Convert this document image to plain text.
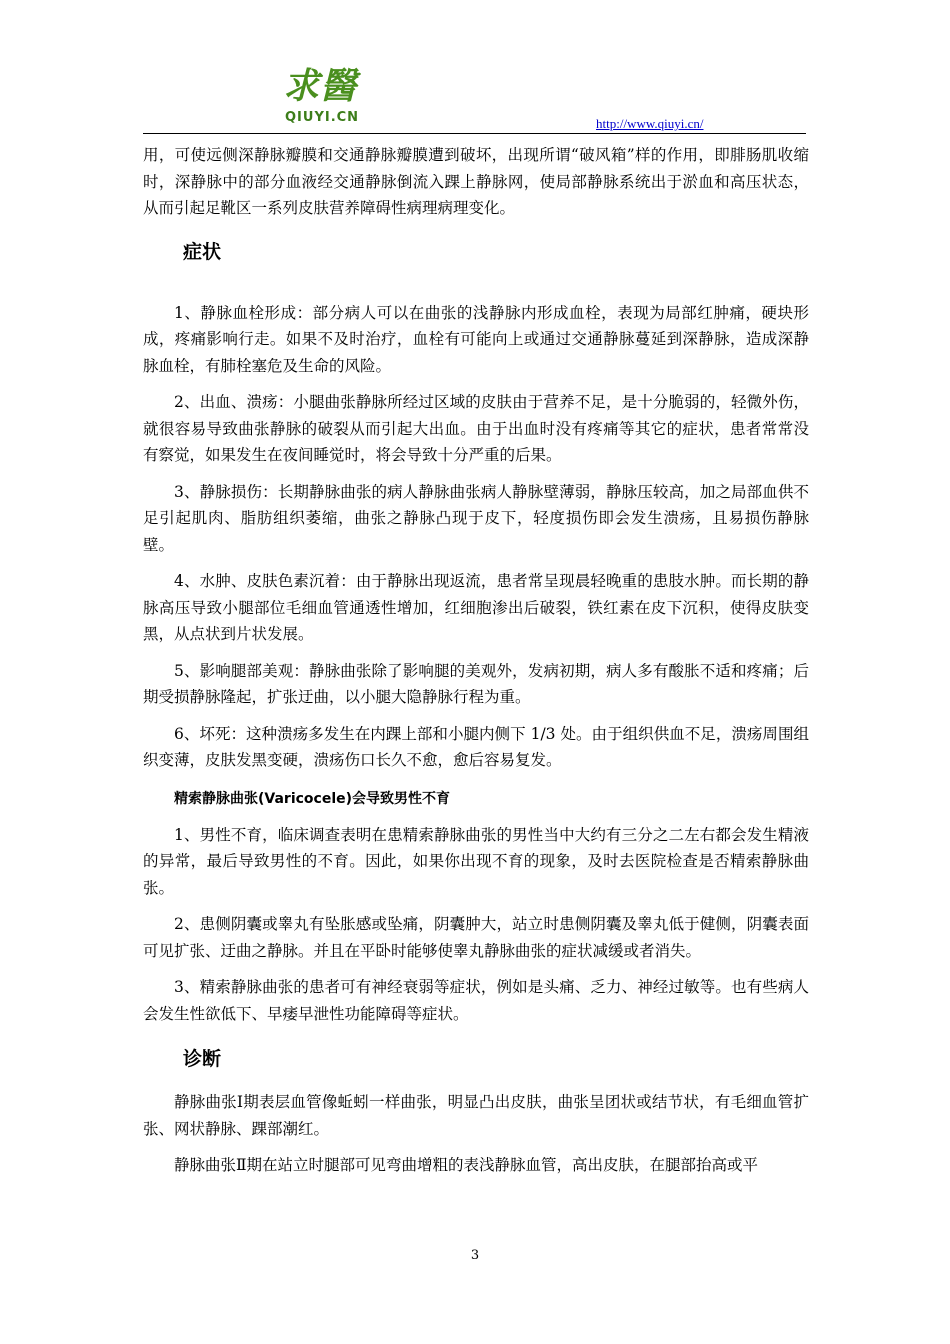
求醫
QIUYI.CN	http://www.qiuyi.cn/

用，可使远侧深静脉瓣膜和交通静脉瓣膜遭到破坏，出现所谓“破风箱”样的作用，即腓肠肌收缩时，深静脉中的部分血液经交通静脉倒流入踝上静脉网，使局部静脉系统出于淤血和高压状态，从而引起足靴区一系列皮肤营养障碍性病理病理变化。

症状

1、静脉血栓形成：部分病人可以在曲张的浅静脉内形成血栓，表现为局部红肿痛，硬块形成，疼痛影响行走。如果不及时治疗，血栓有可能向上或通过交通静脉蔓延到深静脉，造成深静脉血栓，有肺栓塞危及生命的风险。

2、出血、溃疡：小腿曲张静脉所经过区域的皮肤由于营养不足，是十分脆弱的，轻微外伤，就很容易导致曲张静脉的破裂从而引起大出血。由于出血时没有疼痛等其它的症状，患者常常没有察觉，如果发生在夜间睡觉时，将会导致十分严重的后果。

3、静脉损伤：长期静脉曲张的病人静脉曲张病人静脉壁薄弱，静脉压较高，加之局部血供不足引起肌肉、脂肪组织萎缩，曲张之静脉凸现于皮下，轻度损伤即会发生溃疡，且易损伤静脉壁。

4、水肿、皮肤色素沉着：由于静脉出现返流，患者常呈现晨轻晚重的患肢水肿。而长期的静脉高压导致小腿部位毛细血管通透性增加，红细胞渗出后破裂，铁红素在皮下沉积，使得皮肤变黑，从点状到片状发展。

5、影响腿部美观：静脉曲张除了影响腿的美观外，发病初期，病人多有酸胀不适和疼痛；后期受损静脉隆起，扩张迂曲，以小腿大隐静脉行程为重。

6、坏死：这种溃疡多发生在内踝上部和小腿内侧下 1/3 处。由于组织供血不足，溃疡周围组织变薄，皮肤发黑变硬，溃疡伤口长久不愈，愈后容易复发。

精索静脉曲张(Varicocele)会导致男性不育

1、男性不育，临床调查表明在患精索静脉曲张的男性当中大约有三分之二左右都会发生精液的异常，最后导致男性的不育。因此，如果你出现不育的现象，及时去医院检查是否精索静脉曲张。

2、患侧阴囊或睾丸有坠胀感或坠痛，阴囊肿大，站立时患侧阴囊及睾丸低于健侧，阴囊表面可见扩张、迂曲之静脉。并且在平卧时能够使睾丸静脉曲张的症状减缓或者消失。

3、精索静脉曲张的患者可有神经衰弱等症状，例如是头痛、乏力、神经过敏等。也有些病人会发生性欲低下、早痿早泄性功能障碍等症状。

诊断

静脉曲张Ⅰ期表层血管像蚯蚓一样曲张，明显凸出皮肤，曲张呈团状或结节状，有毛细血管扩张、网状静脉、踝部潮红。

静脉曲张Ⅱ期在站立时腿部可见弯曲增粗的表浅静脉血管，高出皮肤，在腿部抬高或平

3
